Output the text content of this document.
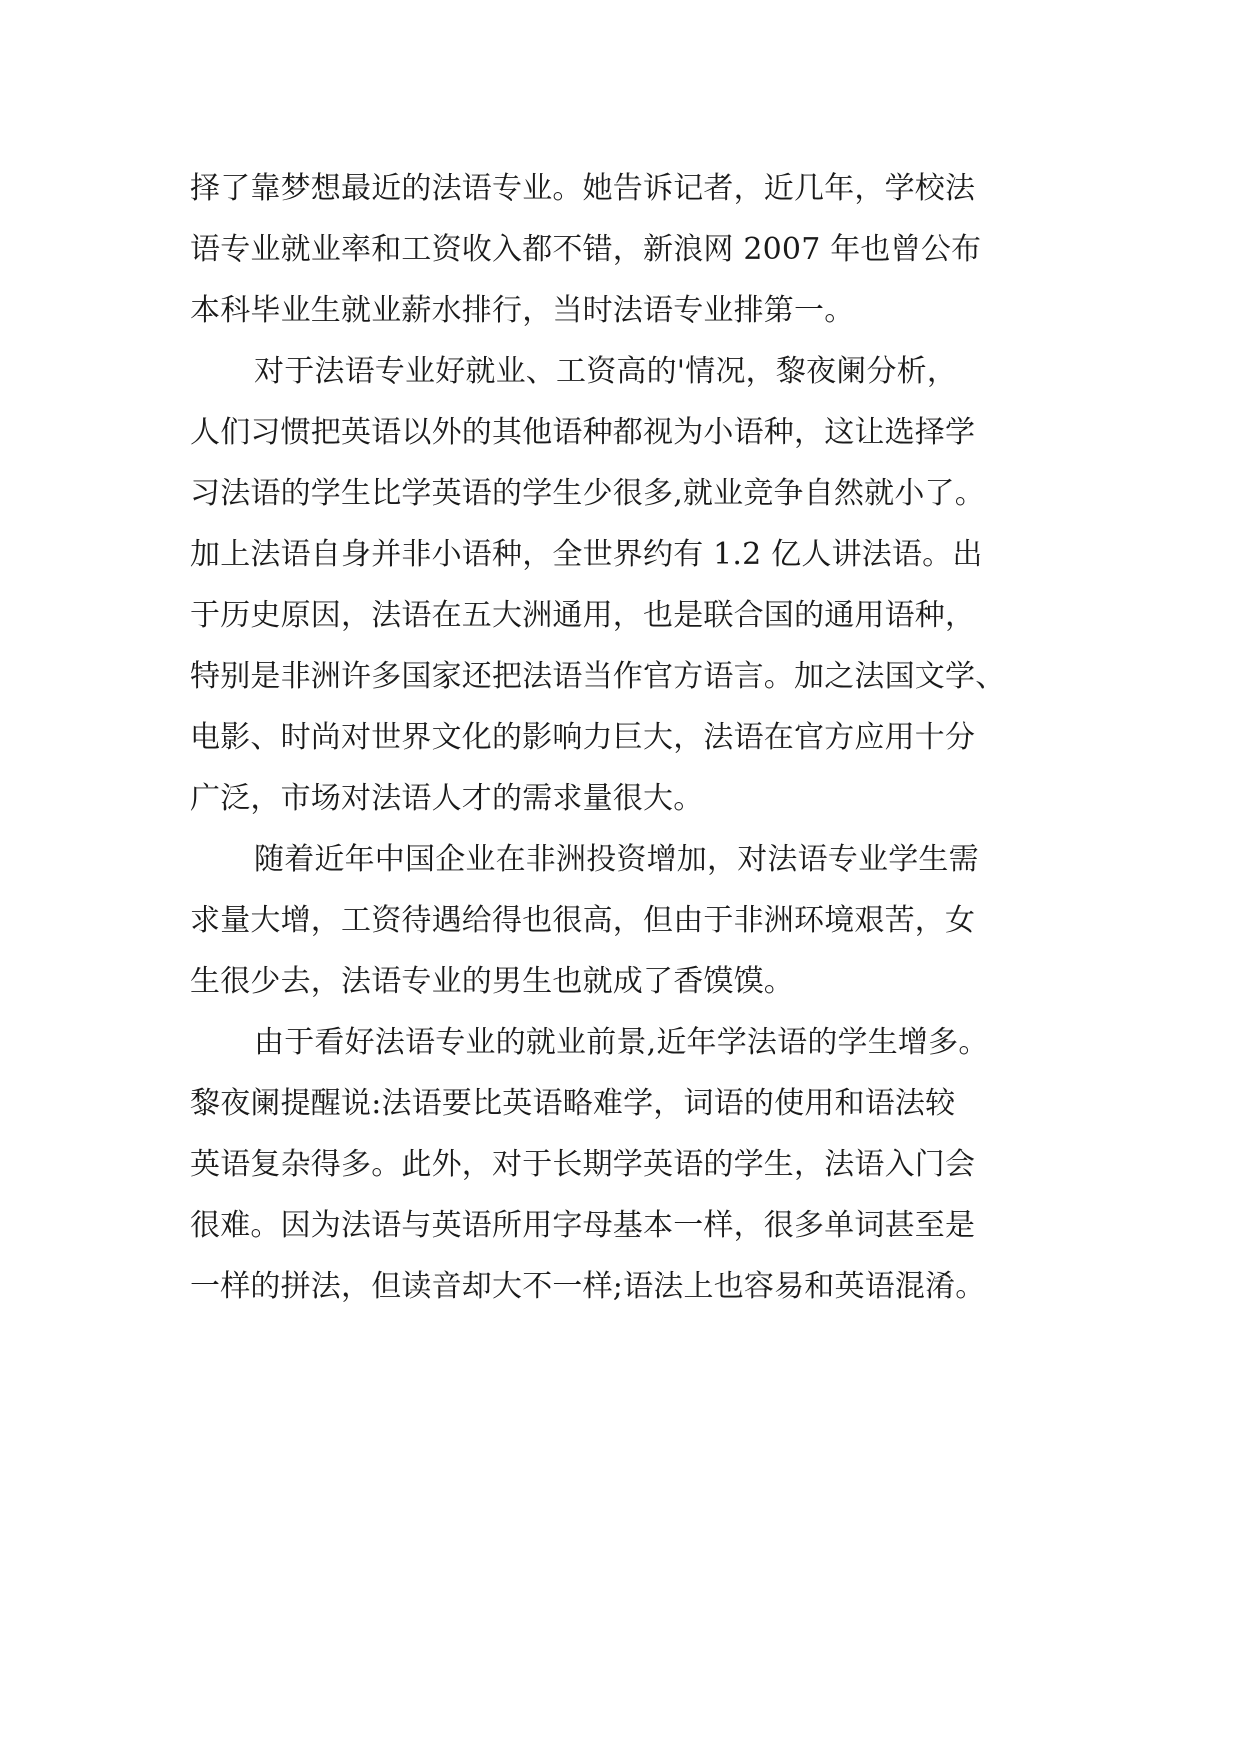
择了靠梦想最近的法语专业。她告诉记者，近几年，学校法
语专业就业率和工资收入都不错，新浪网 2007 年也曾公布
本科毕业生就业薪水排行，当时法语专业排第一。
对于法语专业好就业、工资高的'情况，黎夜阑分析，
人们习惯把英语以外的其他语种都视为小语种，这让选择学
习法语的学生比学英语的学生少很多,就业竞争自然就小了。
加上法语自身并非小语种，全世界约有 1.2 亿人讲法语。出
于历史原因，法语在五大洲通用，也是联合国的通用语种，
特别是非洲许多国家还把法语当作官方语言。加之法国文学、
电影、时尚对世界文化的影响力巨大，法语在官方应用十分
广泛，市场对法语人才的需求量很大。
随着近年中国企业在非洲投资增加，对法语专业学生需
求量大增，工资待遇给得也很高，但由于非洲环境艰苦，女
生很少去，法语专业的男生也就成了香馍馍。
由于看好法语专业的就业前景,近年学法语的学生增多。
黎夜阑提醒说:法语要比英语略难学，词语的使用和语法较
英语复杂得多。此外，对于长期学英语的学生，法语入门会
很难。因为法语与英语所用字母基本一样，很多单词甚至是
一样的拼法，但读音却大不一样;语法上也容易和英语混淆。
